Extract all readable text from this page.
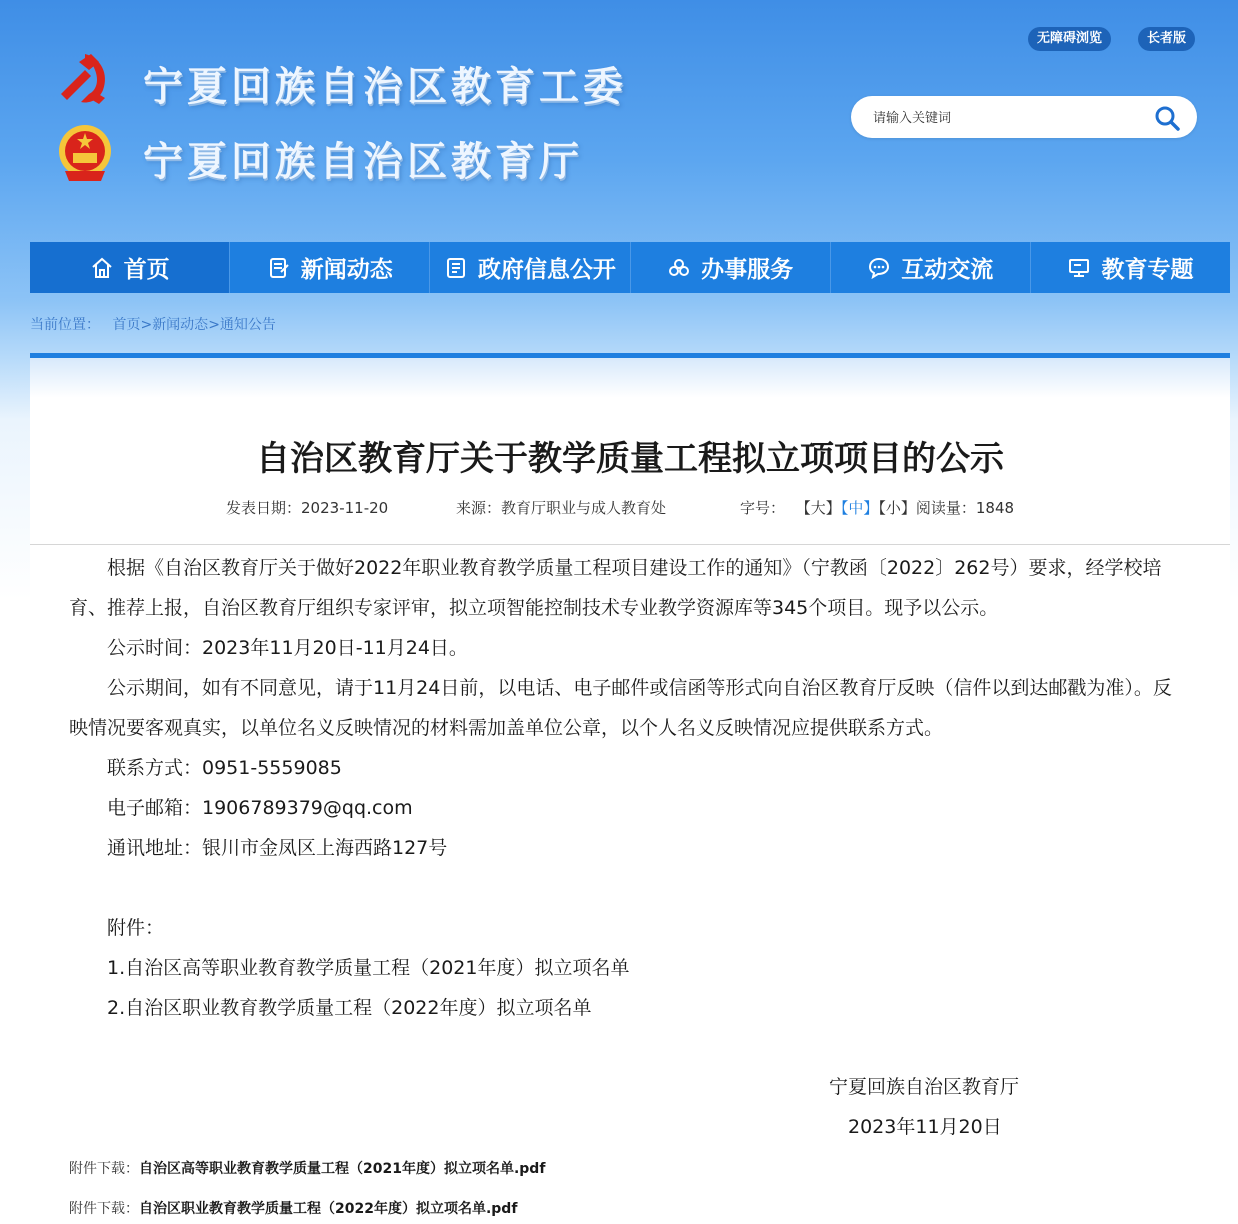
宁夏回族自治区教育工委
宁夏回族自治区教育厅
无障碍浏览	长者版
请输入关键词
首页	新闻动态	政府信息公开	办事服务	互动交流	教育专题
当前位置： 首页>新闻动态>通知公告
自治区教育厅关于教学质量工程拟立项项目的公示
发表日期：2023-11-20	来源：教育厅职业与成人教育处	字号： 【大】【中】【小】阅读量：1848

根据《自治区教育厅关于做好2022年职业教育教学质量工程项目建设工作的通知》（宁教函〔2022〕262号）要求，经学校培育、推荐上报，自治区教育厅组织专家评审，拟立项智能控制技术专业教学资源库等345个项目。现予以公示。

公示时间：2023年11月20日-11月24日。

公示期间，如有不同意见，请于11月24日前，以电话、电子邮件或信函等形式向自治区教育厅反映（信件以到达邮戳为准）。反映情况要客观真实，以单位名义反映情况的材料需加盖单位公章，以个人名义反映情况应提供联系方式。

联系方式：0951-5559085

电子邮箱：1906789379@qq.com

通讯地址：银川市金凤区上海西路127号

附件：

1.自治区高等职业教育教学质量工程（2021年度）拟立项名单

2.自治区职业教育教学质量工程（2022年度）拟立项名单

宁夏回族自治区教育厅
2023年11月20日
附件下载：自治区高等职业教育教学质量工程（2021年度）拟立项名单.pdf
附件下载：自治区职业教育教学质量工程（2022年度）拟立项名单.pdf
